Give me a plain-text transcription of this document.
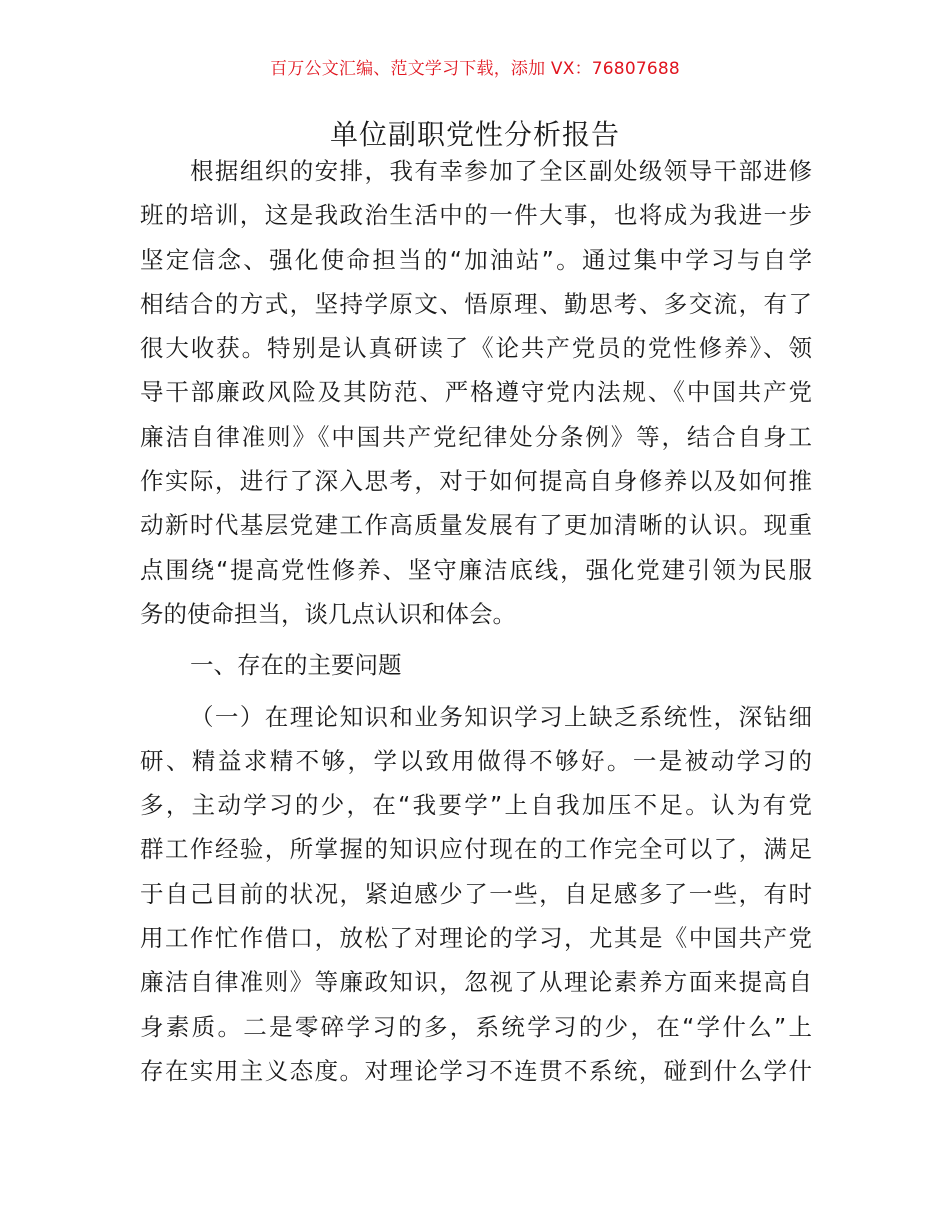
百万公文汇编、范文学习下载，添加 VX：76807688
单位副职党性分析报告
根据组织的安排，我有幸参加了全区副处级领导干部进修
班的培训，这是我政治生活中的一件大事，也将成为我进一步
坚定信念、强化使命担当的“加油站”。通过集中学习与自学
相结合的方式，坚持学原文、悟原理、勤思考、多交流，有了
很大收获。特别是认真研读了《论共产党员的党性修养》、领
导干部廉政风险及其防范、严格遵守党内法规、《中国共产党
廉洁自律准则》《中国共产党纪律处分条例》等，结合自身工
作实际，进行了深入思考，对于如何提高自身修养以及如何推
动新时代基层党建工作高质量发展有了更加清晰的认识。现重
点围绕“提高党性修养、坚守廉洁底线，强化党建引领为民服
务的使命担当，谈几点认识和体会。
一、存在的主要问题
（一）在理论知识和业务知识学习上缺乏系统性，深钻细
研、精益求精不够，学以致用做得不够好。一是被动学习的
多，主动学习的少，在“我要学”上自我加压不足。认为有党
群工作经验，所掌握的知识应付现在的工作完全可以了，满足
于自己目前的状况，紧迫感少了一些，自足感多了一些，有时
用工作忙作借口，放松了对理论的学习，尤其是《中国共产党
廉洁自律准则》等廉政知识，忽视了从理论素养方面来提高自
身素质。二是零碎学习的多，系统学习的少，在“学什么”上
存在实用主义态度。对理论学习不连贯不系统，碰到什么学什
